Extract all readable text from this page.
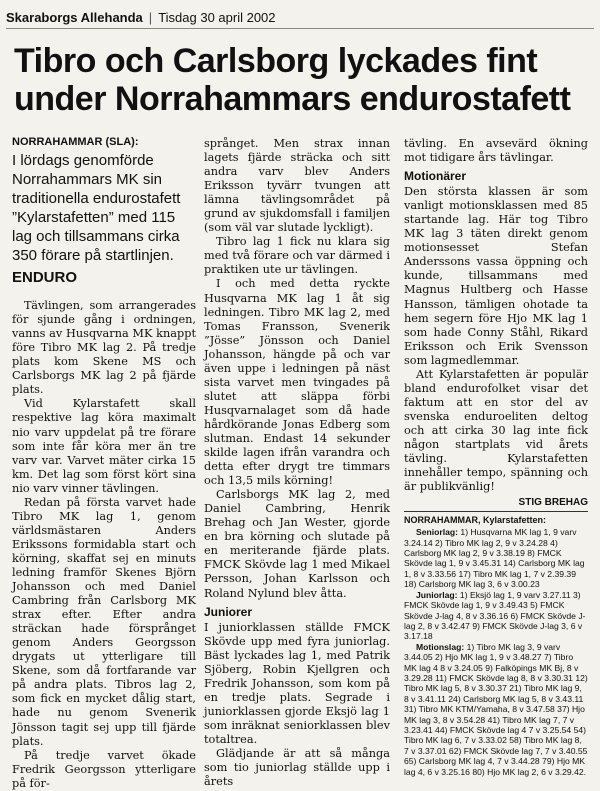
Skaraborgs Allehanda | Tisdag 30 april 2002
Tibro och Carlsborg lyckades fint
under Norrahammars endurostafett
NORRAHAMMAR (SLA):
I lördags genomförde Norrahammars MK sin traditionella endurostafett ”Kylarstafetten” med 115 lag och tillsammans cirka 350 förare på startlinjen.
ENDURO

Tävlingen, som arrangerades för sjunde gång i ordningen, vanns av Husqvarna MK knappt före Tibro MK lag 2. På tredje plats kom Skene MS och Carlsborgs MK lag 2 på fjärde plats.

Vid Kylarstafett skall respektive lag köra maximalt nio varv uppdelat på tre förare som inte får köra mer än tre varv var. Varvet mäter cirka 15 km. Det lag som först kört sina nio varv vinner tävlingen.

Redan på första varvet hade Tibro MK lag 1, genom världsmästaren Anders Erikssons formidabla start och körning, skaffat sej en minuts ledning framför Skenes Björn Johansson och med Daniel Cambring från Carlsborg MK strax efter. Efter andra sträckan hade försprånget genom Anders Georgsson drygats ut ytterligare till Skene, som då fortfarande var på andra plats. Tibros lag 2, som fick en mycket dålig start, hade nu genom Svenerik Jönsson tagit sej upp till fjärde plats.

På tredje varvet ökade Fredrik Georgsson ytterligare på för-

språnget. Men strax innan lagets fjärde sträcka och sitt andra varv blev Anders Eriksson tyvärr tvungen att lämna tävlingsområdet på grund av sjukdomsfall i familjen (som väl var slutade lyckligt).

Tibro lag 1 fick nu klara sig med två förare och var därmed i praktiken ute ur tävlingen.

I och med detta ryckte Husqvarna MK lag 1 åt sig ledningen. Tibro MK lag 2, med Tomas Fransson, Svenerik ”Jösse” Jönsson och Daniel Johansson, hängde på och var även uppe i ledningen på näst sista varvet men tvingades på slutet att släppa förbi Husqvarnalaget som då hade hårdkörande Jonas Edberg som slutman. Endast 14 sekunder skilde lagen ifrån varandra och detta efter drygt tre timmars och 13,5 mils körning!

Carlsborgs MK lag 2, med Daniel Cambring, Henrik Brehag och Jan Wester, gjorde en bra körning och slutade på en meriterande fjärde plats. FMCK Skövde lag 1 med Mikael Persson, Johan Karlsson och Roland Nylund blev åtta.

Juniorer

I juniorklassen ställde FMCK Skövde upp med fyra juniorlag. Bäst lyckades lag 1, med Patrik Sjöberg, Robin Kjellgren och Fredrik Johansson, som kom på en tredje plats. Segrade i juniorklassen gjorde Eksjö lag 1 som inräknat seniorklassen blev totaltrea.

Glädjande är att så många som tio juniorlag ställde upp i årets

tävling. En avsevärd ökning mot tidigare års tävlingar.

Motionärer

Den största klassen är som vanligt motionsklassen med 85 startande lag. Här tog Tibro MK lag 3 täten direkt genom motionsesset Stefan Anderssons vassa öppning och kunde, tillsammans med Magnus Hultberg och Hasse Hansson, tämligen ohotade ta hem segern före Hjo MK lag 1 som hade Conny Ståhl, Rikard Eriksson och Erik Svensson som lagmedlemmar.

Att Kylarstafetten är populär bland endurofolket visar det faktum att en stor del av svenska enduroeliten deltog och att cirka 30 lag inte fick någon startplats vid årets tävling. Kylarstafetten innehåller tempo, spänning och är publikvänlig!

STIG BREHAG
NORRAHAMMAR, Kylarstafetten:

Seniorlag: 1) Husqvarna MK lag 1, 9 varv 3.24.14 2) Tibro MK lag 2, 9 v 3.24.28 4) Carlsborg MK lag 2, 9 v 3.38.19 8) FMCK Skövde lag 1, 9 v 3.45.31 14) Carlsborg MK lag 1, 8 v 3.33.56 17) Tibro MK lag 1, 7 v 2.39.39 18) Carlsborg MK lag 3, 6 v 3.00.23

Juniorlag: 1) Eksjö lag 1, 9 varv 3.27.11 3) FMCK Skövde lag 1, 9 v 3.49.43 5) FMCK Skövde J-lag 4, 8 v 3.36.16 6) FMCK Skövde J-lag 2, 8 v 3.42.47 9) FMCK Skövde J-lag 3, 6 v 3.17.18

Motionslag: 1) Tibro MK lag 3, 9 varv 3.44.05 2) Hjo MK lag 1, 9 v 3.48.27 7) Tibro MK lag 4 8 v 3.24.05 9) Falköpings MK Bj, 8 v 3.29.28 11) FMCK Skövde lag 8, 8 v 3.30.31 12) Tibro MK lag 5, 8 v 3.30.37 21) Tibro MK lag 9, 8 v 3.41.11 24) Carlsborg MK lag 5, 8 v 3.43.11 31) Tibro MK KTM/Yamaha, 8 v 3.47.58 37) Hjo MK lag 3, 8 v 3.54.28 41) Tibro MK lag 7, 7 v 3.23.41 44) FMCK Skövde lag 4 7 v 3.25.54 54) Tibro MK lag 6, 7 v 3.33.02 58) Tibro MK lag 8, 7 v 3.37.01 62) FMCK Skövde lag 7, 7 v 3.40.55 65) Carlsborg MK lag 4, 7 v 3.44.28 79) Hjo MK lag 4, 6 v 3.25.16 80) Hjo MK lag 2, 6 v 3.29.42.
